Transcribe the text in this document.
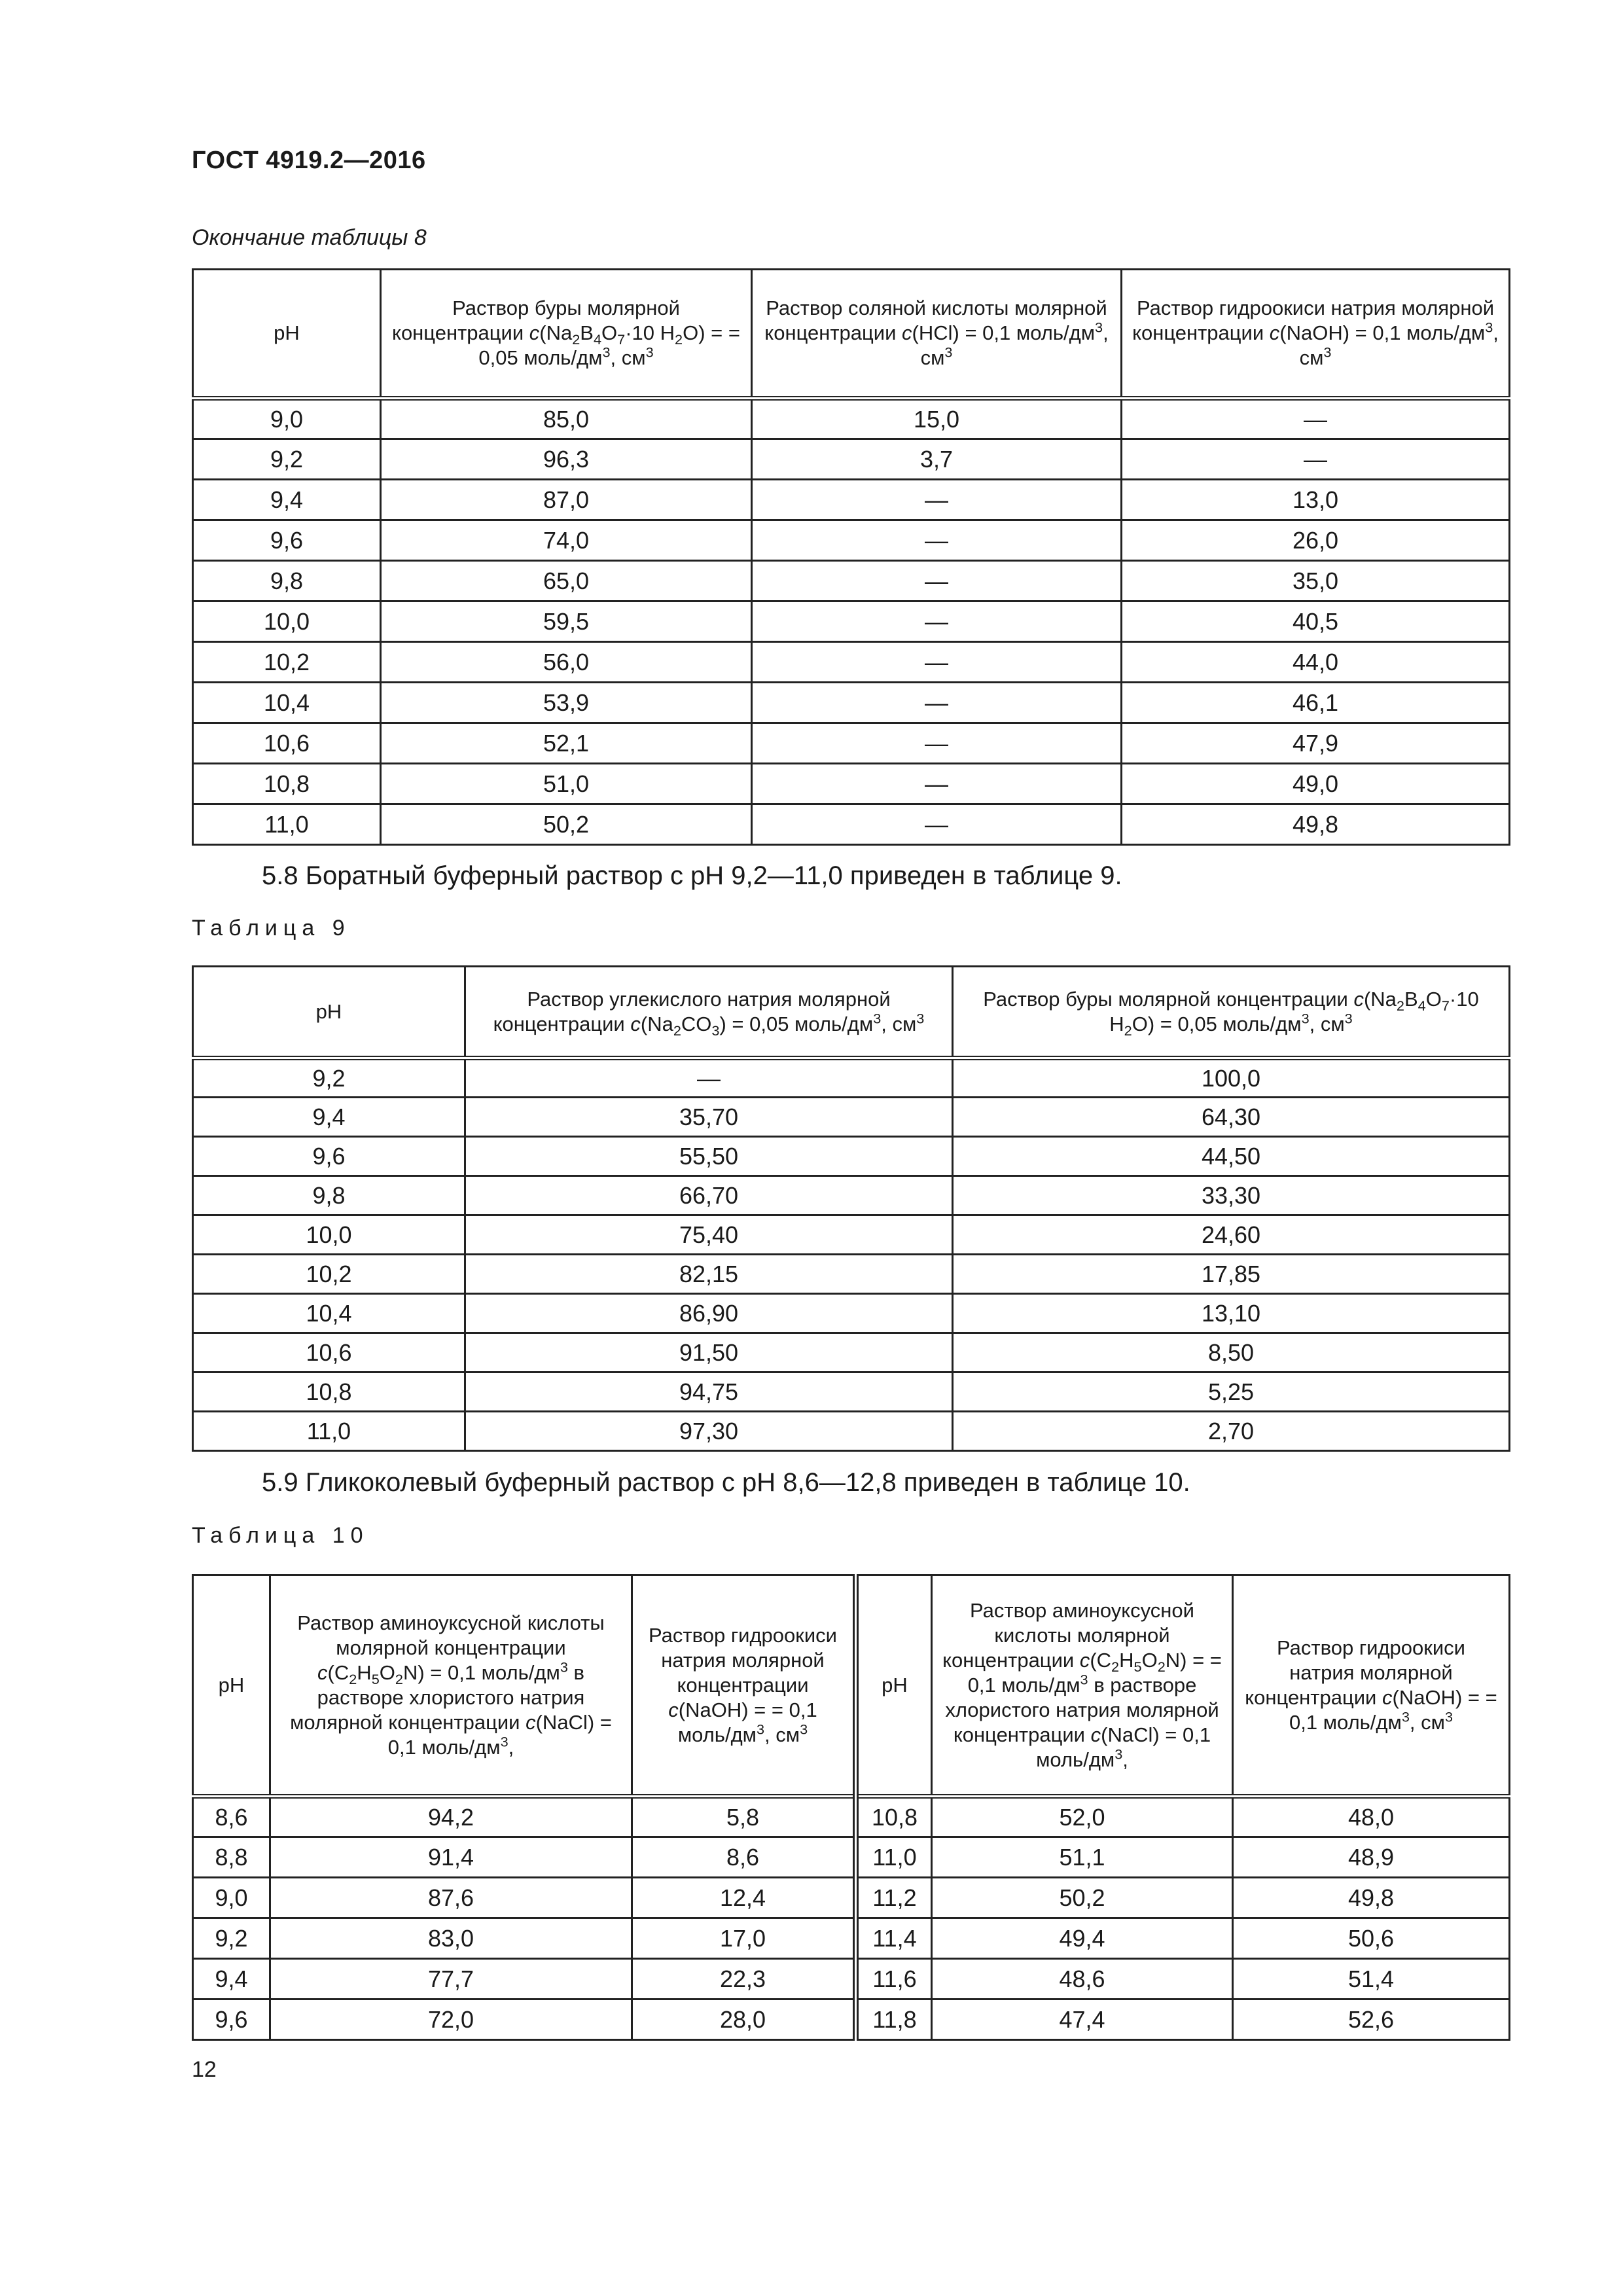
ГОСТ 4919.2—2016
Окончание таблицы 8
pH	Раствор буры молярной концентрации $c(Na_2B_4O_7\cdot 10$ $H_2O$) = = 0,05 моль/$дм^3$, $см^3$	Раствор соляной кислоты молярной концентрации c(HCl) = 0,1 моль/$дм^3$, $см^3$	Раствор гидроокиси натрия молярной концентрации c(NaOH) = 0,1 моль/$дм^3$, $см^3$
9,0	85,0	15,0	—
9,2	96,3	3,7	—
9,4	87,0	—	13,0
9,6	74,0	—	26,0
9,8	65,0	—	35,0
10,0	59,5	—	40,5
10,2	56,0	—	44,0
10,4	53,9	—	46,1
10,6	52,1	—	47,9
10,8	51,0	—	49,0
11,0	50,2	—	49,8
5.8 Боратный буферный раствор с pH 9,2—11,0 приведен в таблице 9.
Таблица 9
pH	Раствор углекислого натрия молярной концентрации $c(Na_2CO_3) = 0,05$ моль/$дм^3$, $см^3$	Раствор буры молярной концентрации $c(Na_2B_4O_7\cdot 10$ $H_2O) = 0,05$ моль/$дм^3$, $см^3$
9,2	—	100,0
9,4	35,70	64,30
9,6	55,50	44,50
9,8	66,70	33,30
10,0	75,40	24,60
10,2	82,15	17,85
10,4	86,90	13,10
10,6	91,50	8,50
10,8	94,75	5,25
11,0	97,30	2,70
5.9 Гликоколевый буферный раствор с pH 8,6—12,8 приведен в таблице 10.
Таблица 10
pH	Раствор аминоуксусной кислоты молярной концентрации $c(C_2H_5O_2N) = 0,1$ моль/$дм^3$ в растворе хлористого натрия молярной концентрации c(NaCl) = 0,1 моль/$дм^3$,	Раствор гидроокиси натрия молярной концентрации c(NaOH) = = 0,1 моль/$дм^3$, $см^3$	pH	Раствор аминоуксусной кислоты молярной концентрации $c(C_2H_5O_2N)$ = = 0,1 моль/$дм^3$ в растворе хлористого натрия молярной концентрации c(NaCl) = 0,1 моль/$дм^3$,	Раствор гидроокиси натрия молярной концентрации c(NaOH) = = 0,1 моль/$дм^3$, $см^3$
8,6	94,2	5,8	10,8	52,0	48,0
8,8	91,4	8,6	11,0	51,1	48,9
9,0	87,6	12,4	11,2	50,2	49,8
9,2	83,0	17,0	11,4	49,4	50,6
9,4	77,7	22,3	11,6	48,6	51,4
9,6	72,0	28,0	11,8	47,4	52,6
12
